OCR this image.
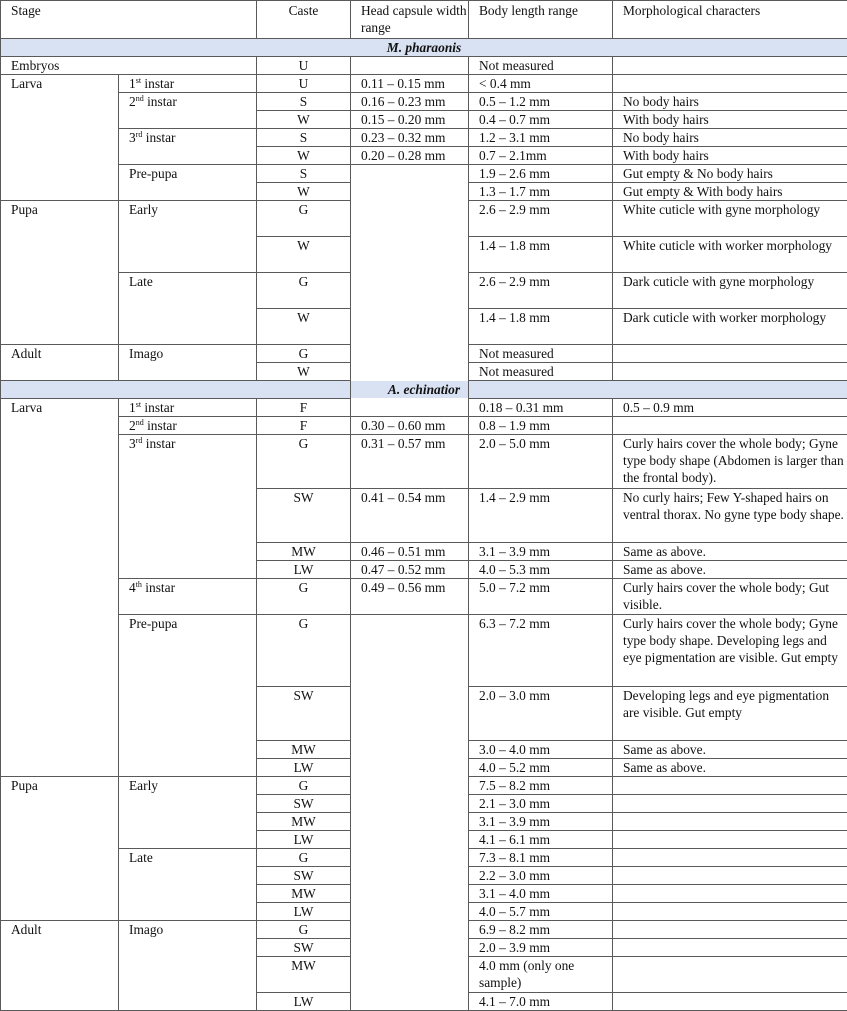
Stage		Caste	Head capsule width range	Body length range	Morphological characters	
M. pharaonis						
Embryos		U		Not measured		
Larva	1st instar	U	0.11 – 0.15 mm	< 0.4 mm		
	2nd instar	S	0.16 – 0.23 mm	0.5 – 1.2 mm	No body hairs	
		W	0.15 – 0.20 mm	0.4 – 0.7 mm	With body hairs	
	3rd instar	S	0.23 – 0.32 mm	1.2 – 3.1 mm	No body hairs	
		W	0.20 – 0.28 mm	0.7 – 2.1mm	With body hairs	
	Pre-pupa	S		1.9 – 2.6 mm	Gut empty & No body hairs	
		W		1.3 – 1.7 mm	Gut empty & With body hairs	
Pupa	Early	G		2.6 – 2.9 mm	White cuticle with gyne morphology	
		W		1.4 – 1.8 mm	White cuticle with worker morphology	
	Late	G		2.6 – 2.9 mm	Dark cuticle with gyne morphology	
		W		1.4 – 1.8 mm	Dark cuticle with worker morphology	
Adult	Imago	G		Not measured		
		W		Not measured		
A. echinatior						
Larva	1st instar	F		0.18 – 0.31 mm	0.5 – 0.9 mm	
	2nd instar	F	0.30 – 0.60 mm	0.8 – 1.9 mm		
	3rd instar	G	0.31 – 0.57 mm	2.0 – 5.0 mm	Curly hairs cover the whole body; Gyne type body shape (Abdomen is larger than the frontal body).	
		SW	0.41 – 0.54 mm	1.4 – 2.9 mm	No curly hairs; Few Y-shaped hairs on ventral thorax. No gyne type body shape.	
		MW	0.46 – 0.51 mm	3.1 – 3.9 mm	Same as above.	
		LW	0.47 – 0.52 mm	4.0 – 5.3 mm	Same as above.	
	4th instar	G	0.49 – 0.56 mm	5.0 – 7.2 mm	Curly hairs cover the whole body; Gut visible.	
	Pre-pupa	G		6.3 – 7.2 mm	Curly hairs cover the whole body; Gyne type body shape. Developing legs and eye pigmentation are visible. Gut empty	
		SW		2.0 – 3.0 mm	Developing legs and eye pigmentation are visible. Gut empty	
		MW		3.0 – 4.0 mm	Same as above.	
		LW		4.0 – 5.2 mm	Same as above.	
Pupa	Early	G		7.5 – 8.2 mm		
		SW		2.1 – 3.0 mm		
		MW		3.1 – 3.9 mm		
		LW		4.1 – 6.1 mm		
	Late	G		7.3 – 8.1 mm		
		SW		2.2 – 3.0 mm		
		MW		3.1 – 4.0 mm		
		LW		4.0 – 5.7 mm		
Adult	Imago	G		6.9 – 8.2 mm		
		SW		2.0 – 3.9 mm		
		MW		4.0 mm (only one sample)		
		LW		4.1 – 7.0 mm		
